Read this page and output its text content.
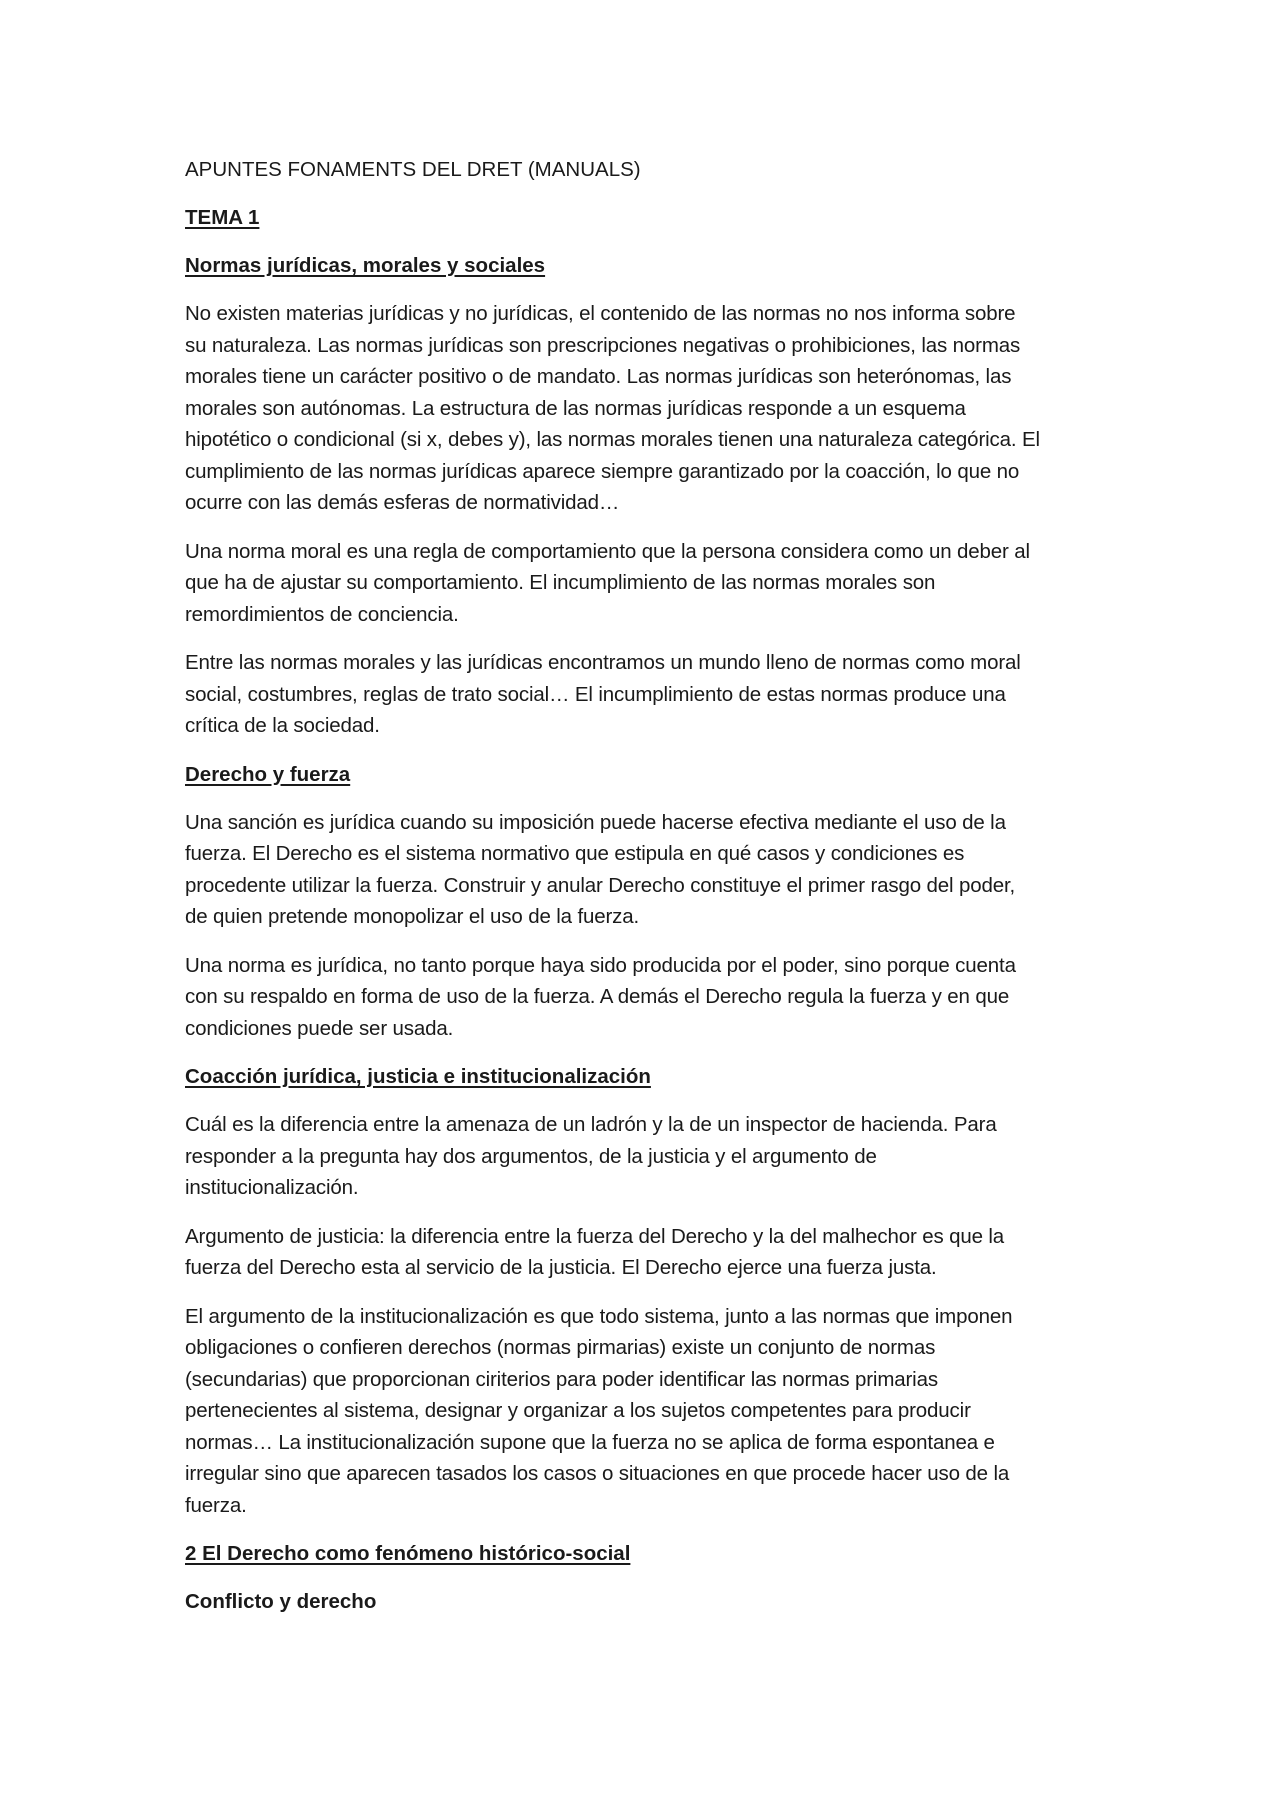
APUNTES FONAMENTS DEL DRET (MANUALS)
TEMA 1
Normas jurídicas, morales y sociales
No existen materias jurídicas y no jurídicas, el contenido de las normas no nos informa sobre
su naturaleza. Las normas jurídicas son prescripciones negativas o prohibiciones, las normas
morales tiene un carácter positivo o de mandato. Las normas jurídicas son heterónomas, las
morales son autónomas. La estructura de las normas jurídicas responde a un esquema
hipotético o condicional (si x, debes y), las normas morales tienen una naturaleza categórica. El
cumplimiento de las normas jurídicas aparece siempre garantizado por la coacción, lo que no
ocurre con las demás esferas de normatividad…
Una norma moral es una regla de comportamiento que la persona considera como un deber al
que ha de ajustar su comportamiento. El incumplimiento de las normas morales son
remordimientos de conciencia.
Entre las normas morales y las jurídicas encontramos un mundo lleno de normas como moral
social, costumbres, reglas de trato social… El incumplimiento de estas normas produce una
crítica de la sociedad.
Derecho y fuerza
Una sanción es jurídica cuando su imposición puede hacerse efectiva mediante el uso de la
fuerza. El Derecho es el sistema normativo que estipula en qué casos y condiciones es
procedente utilizar la fuerza. Construir y anular Derecho constituye el primer rasgo del poder,
de quien pretende monopolizar el uso de la fuerza.
Una norma es jurídica, no tanto porque haya sido producida por el poder, sino porque cuenta
con su respaldo en forma de uso de la fuerza. A demás el Derecho regula la fuerza y en que
condiciones puede ser usada.
Coacción jurídica, justicia e institucionalización
Cuál es la diferencia entre la amenaza de un ladrón y la de un inspector de hacienda. Para
responder a la pregunta hay dos argumentos, de la justicia y el argumento de
institucionalización.
Argumento de justicia: la diferencia entre la fuerza del Derecho y la del malhechor es que la
fuerza del Derecho esta al servicio de la justicia. El Derecho ejerce una fuerza justa.
El argumento de la institucionalización es que todo sistema, junto a las normas que imponen
obligaciones o confieren derechos (normas pirmarias) existe un conjunto de normas
(secundarias) que proporcionan ciriterios para poder identificar las normas primarias
pertenecientes al sistema, designar y organizar a los sujetos competentes para producir
normas… La institucionalización supone que la fuerza no se aplica de forma espontanea e
irregular sino que aparecen tasados los casos o situaciones en que procede hacer uso de la
fuerza.
2 El Derecho como fenómeno histórico-social
Conflicto y derecho
